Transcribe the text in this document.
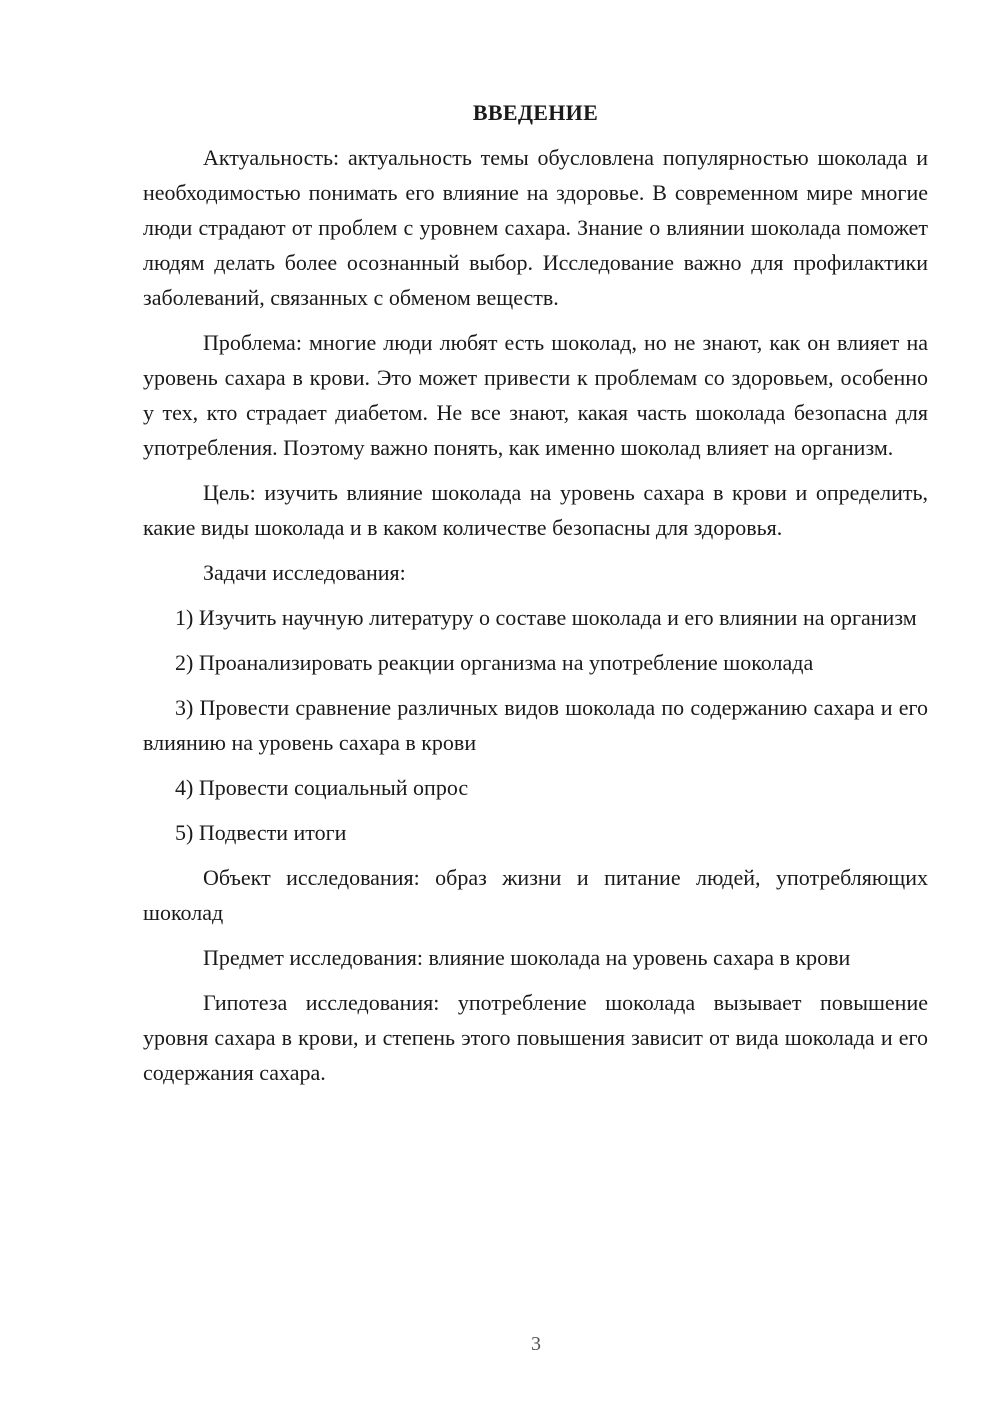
ВВЕДЕНИЕ

Актуальность: актуальность темы обусловлена популярностью шоколада и необходимостью понимать его влияние на здоровье. В современном мире многие люди страдают от проблем с уровнем сахара. Знание о влиянии шоколада поможет людям делать более осознанный выбор. Исследование важно для профилактики заболеваний, связанных с обменом веществ.

Проблема: многие люди любят есть шоколад, но не знают, как он влияет на уровень сахара в крови. Это может привести к проблемам со здоровьем, особенно у тех, кто страдает диабетом. Не все знают, какая часть шоколада безопасна для употребления. Поэтому важно понять, как именно шоколад влияет на организм.

Цель: изучить влияние шоколада на уровень сахара в крови и определить, какие виды шоколада и в каком количестве безопасны для здоровья.

Задачи исследования:

1) Изучить научную литературу о составе шоколада и его влиянии на организм

2) Проанализировать реакции организма на употребление шоколада

3) Провести сравнение различных видов шоколада по содержанию сахара и его влиянию на уровень сахара в крови

4) Провести социальный опрос

5) Подвести итоги

Объект исследования: образ жизни и питание людей, употребляющих шоколад

Предмет исследования: влияние шоколада на уровень сахара в крови

Гипотеза исследования: употребление шоколада вызывает повышение уровня сахара в крови, и степень этого повышения зависит от вида шоколада и его содержания сахара.

3
